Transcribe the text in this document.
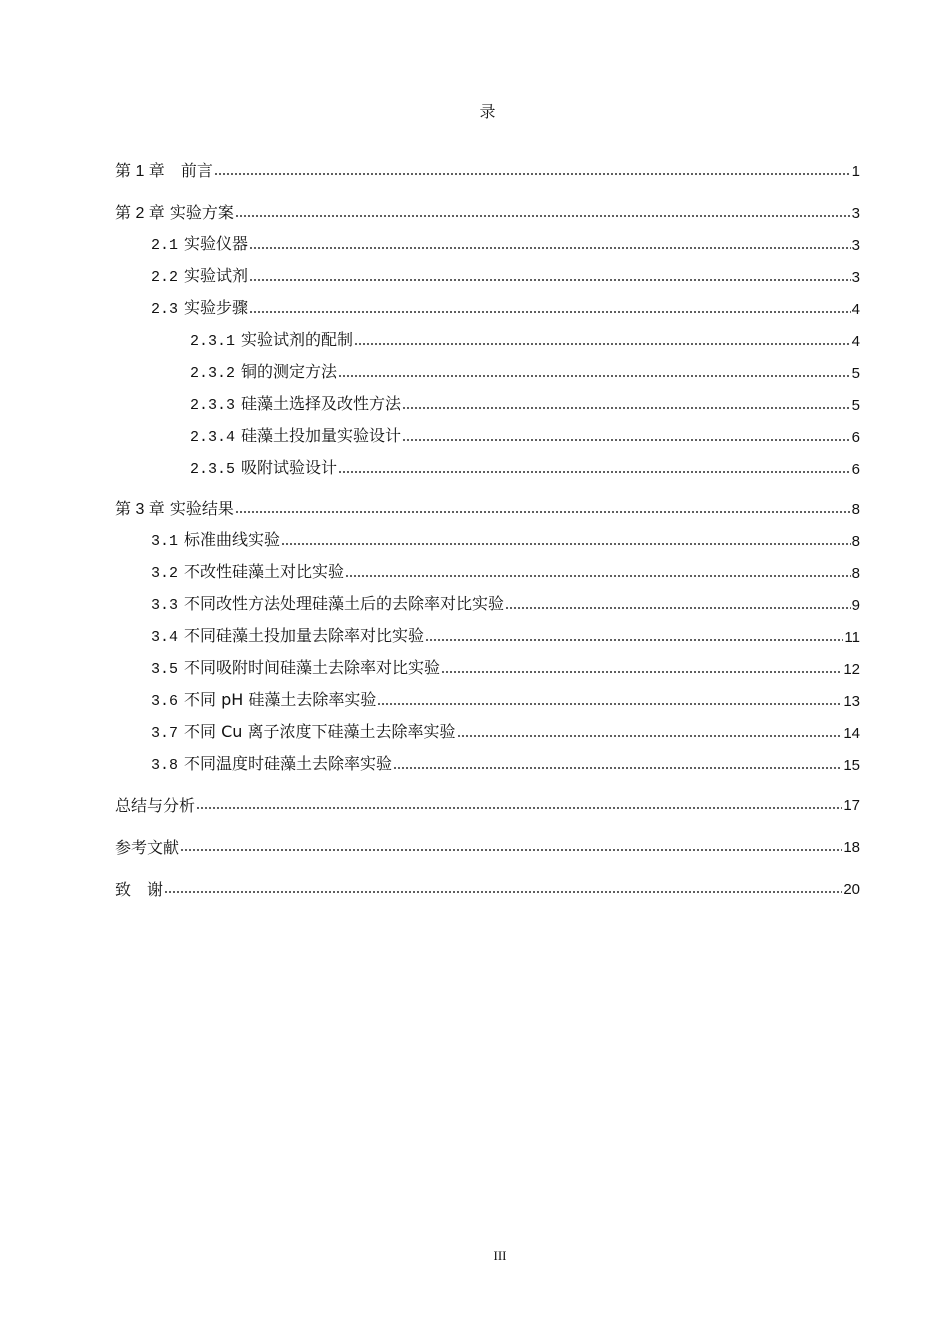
录
第 1 章　 前言	1
第 2 章 实验方案	3
2.1 实验仪器	3
2.2 实验试剂	3
2.3 实验步骤	4
2.3.1 实验试剂的配制	4
2.3.2 铜的测定方法	5
2.3.3 硅藻土选择及改性方法	5
2.3.4 硅藻土投加量实验设计	6
2.3.5 吸附试验设计	6
第 3 章 实验结果	8
3.1 标准曲线实验	8
3.2 不改性硅藻土对比实验	8
3.3 不同改性方法处理硅藻土后的去除率对比实验	9
3.4 不同硅藻土投加量去除率对比实验	11
3.5 不同吸附时间硅藻土去除率对比实验	12
3.6 不同 pH 硅藻土去除率实验	13
3.7 不同 Cu 离子浓度下硅藻土去除率实验	14
3.8 不同温度时硅藻土去除率实验	15
总结与分析	17
参考文献	18
致　谢	20
III
